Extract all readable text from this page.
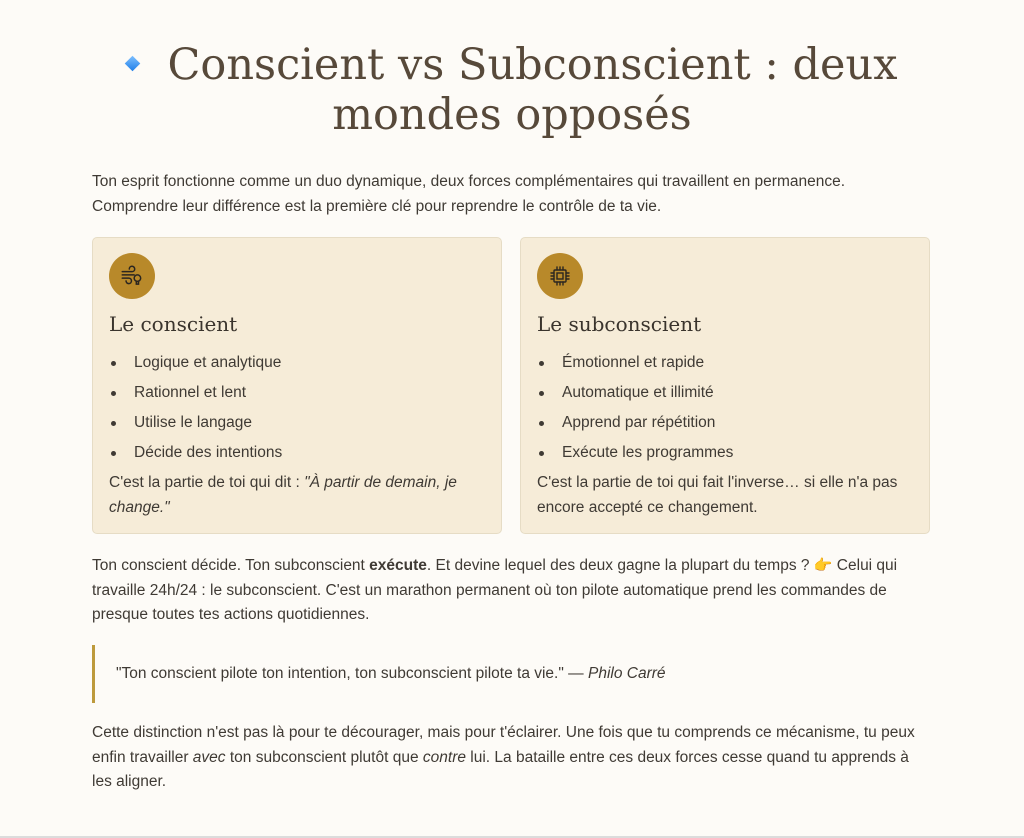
Conscient vs Subconscient : deux mondes opposés

Ton esprit fonctionne comme un duo dynamique, deux forces complémentaires qui travaillent en permanence. Comprendre leur différence est la première clé pour reprendre le contrôle de ta vie.

Le conscient
Logique et analytique
Rationnel et lent
Utilise le langage
Décide des intentions

C'est la partie de toi qui dit : "À partir de demain, je change."

Le subconscient
Émotionnel et rapide
Automatique et illimité
Apprend par répétition
Exécute les programmes

C'est la partie de toi qui fait l'inverse… si elle n'a pas encore accepté ce changement.

Ton conscient décide. Ton subconscient exécute. Et devine lequel des deux gagne la plupart du temps ? 👉 Celui qui travaille 24h/24 : le subconscient. C'est un marathon permanent où ton pilote automatique prend les commandes de presque toutes tes actions quotidiennes.

"Ton conscient pilote ton intention, ton subconscient pilote ta vie." — Philo Carré

Cette distinction n'est pas là pour te décourager, mais pour t'éclairer. Une fois que tu comprends ce mécanisme, tu peux enfin travailler avec ton subconscient plutôt que contre lui. La bataille entre ces deux forces cesse quand tu apprends à les aligner.
